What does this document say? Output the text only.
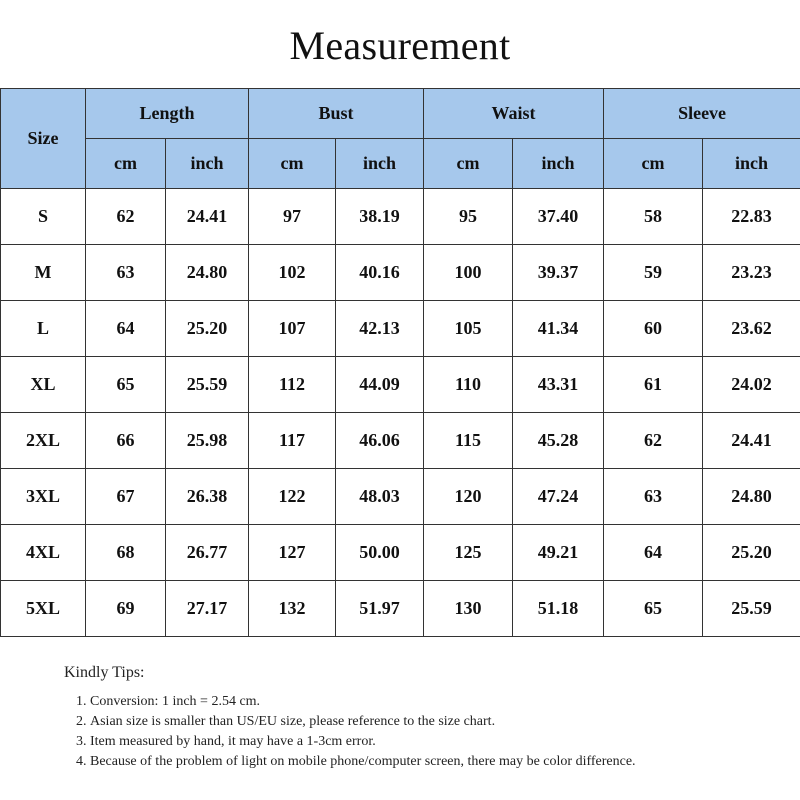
Measurement
Size	Length		Bust		Waist		Sleeve	
	cm	inch	cm	inch	cm	inch	cm	inch
S	62	24.41	97	38.19	95	37.40	58	22.83
M	63	24.80	102	40.16	100	39.37	59	23.23
L	64	25.20	107	42.13	105	41.34	60	23.62
XL	65	25.59	112	44.09	110	43.31	61	24.02
2XL	66	25.98	117	46.06	115	45.28	62	24.41
3XL	67	26.38	122	48.03	120	47.24	63	24.80
4XL	68	26.77	127	50.00	125	49.21	64	25.20
5XL	69	27.17	132	51.97	130	51.18	65	25.59
Kindly Tips:
1. Conversion: 1 inch = 2.54 cm.
2. Asian size is smaller than US/EU size, please reference to the size chart.
3. Item measured by hand, it may have a 1-3cm error.
4. Because of the problem of light on mobile phone/computer screen, there may be color difference.
